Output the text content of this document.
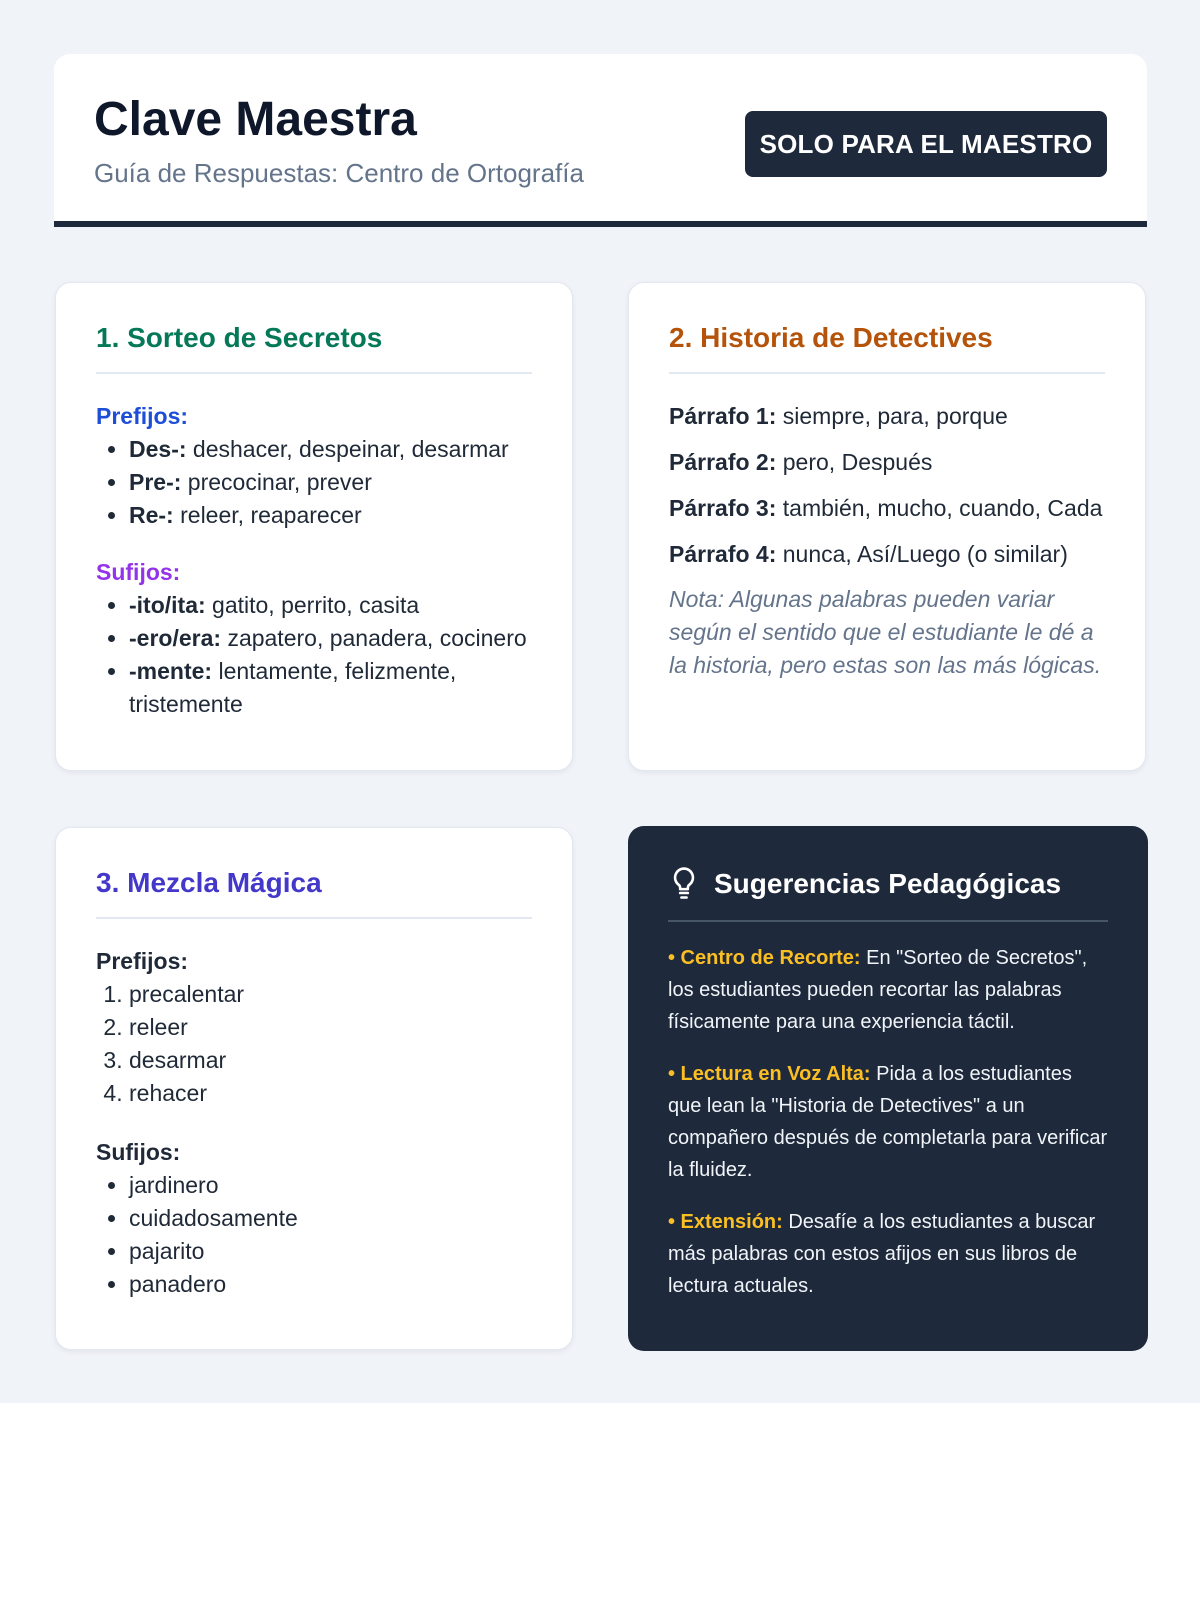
Clave Maestra
Guía de Respuestas: Centro de Ortografía
SOLO PARA EL MAESTRO
1. Sorteo de Secretos
Prefijos:
• Des-: deshacer, despeinar, desarmar
• Pre-: precocinar, prever
• Re-: releer, reaparecer
Sufijos:
• -ito/ita: gatito, perrito, casita
• -ero/era: zapatero, panadera, cocinero
• -mente: lentamente, felizmente, tristemente
2. Historia de Detectives
Párrafo 1: siempre, para, porque
Párrafo 2: pero, Después
Párrafo 3: también, mucho, cuando, Cada
Párrafo 4: nunca, Así/Luego (o similar)
Nota: Algunas palabras pueden variar según el sentido que el estudiante le dé a la historia, pero estas son las más lógicas.
3. Mezcla Mágica
Prefijos:
1. precalentar
2. releer
3. desarmar
4. rehacer
Sufijos:
• jardinero
• cuidadosamente
• pajarito
• panadero
Sugerencias Pedagógicas
• Centro de Recorte: En "Sorteo de Secretos", los estudiantes pueden recortar las palabras físicamente para una experiencia táctil.
• Lectura en Voz Alta: Pida a los estudiantes que lean la "Historia de Detectives" a un compañero después de completarla para verificar la fluidez.
• Extensión: Desafíe a los estudiantes a buscar más palabras con estos afijos en sus libros de lectura actuales.
